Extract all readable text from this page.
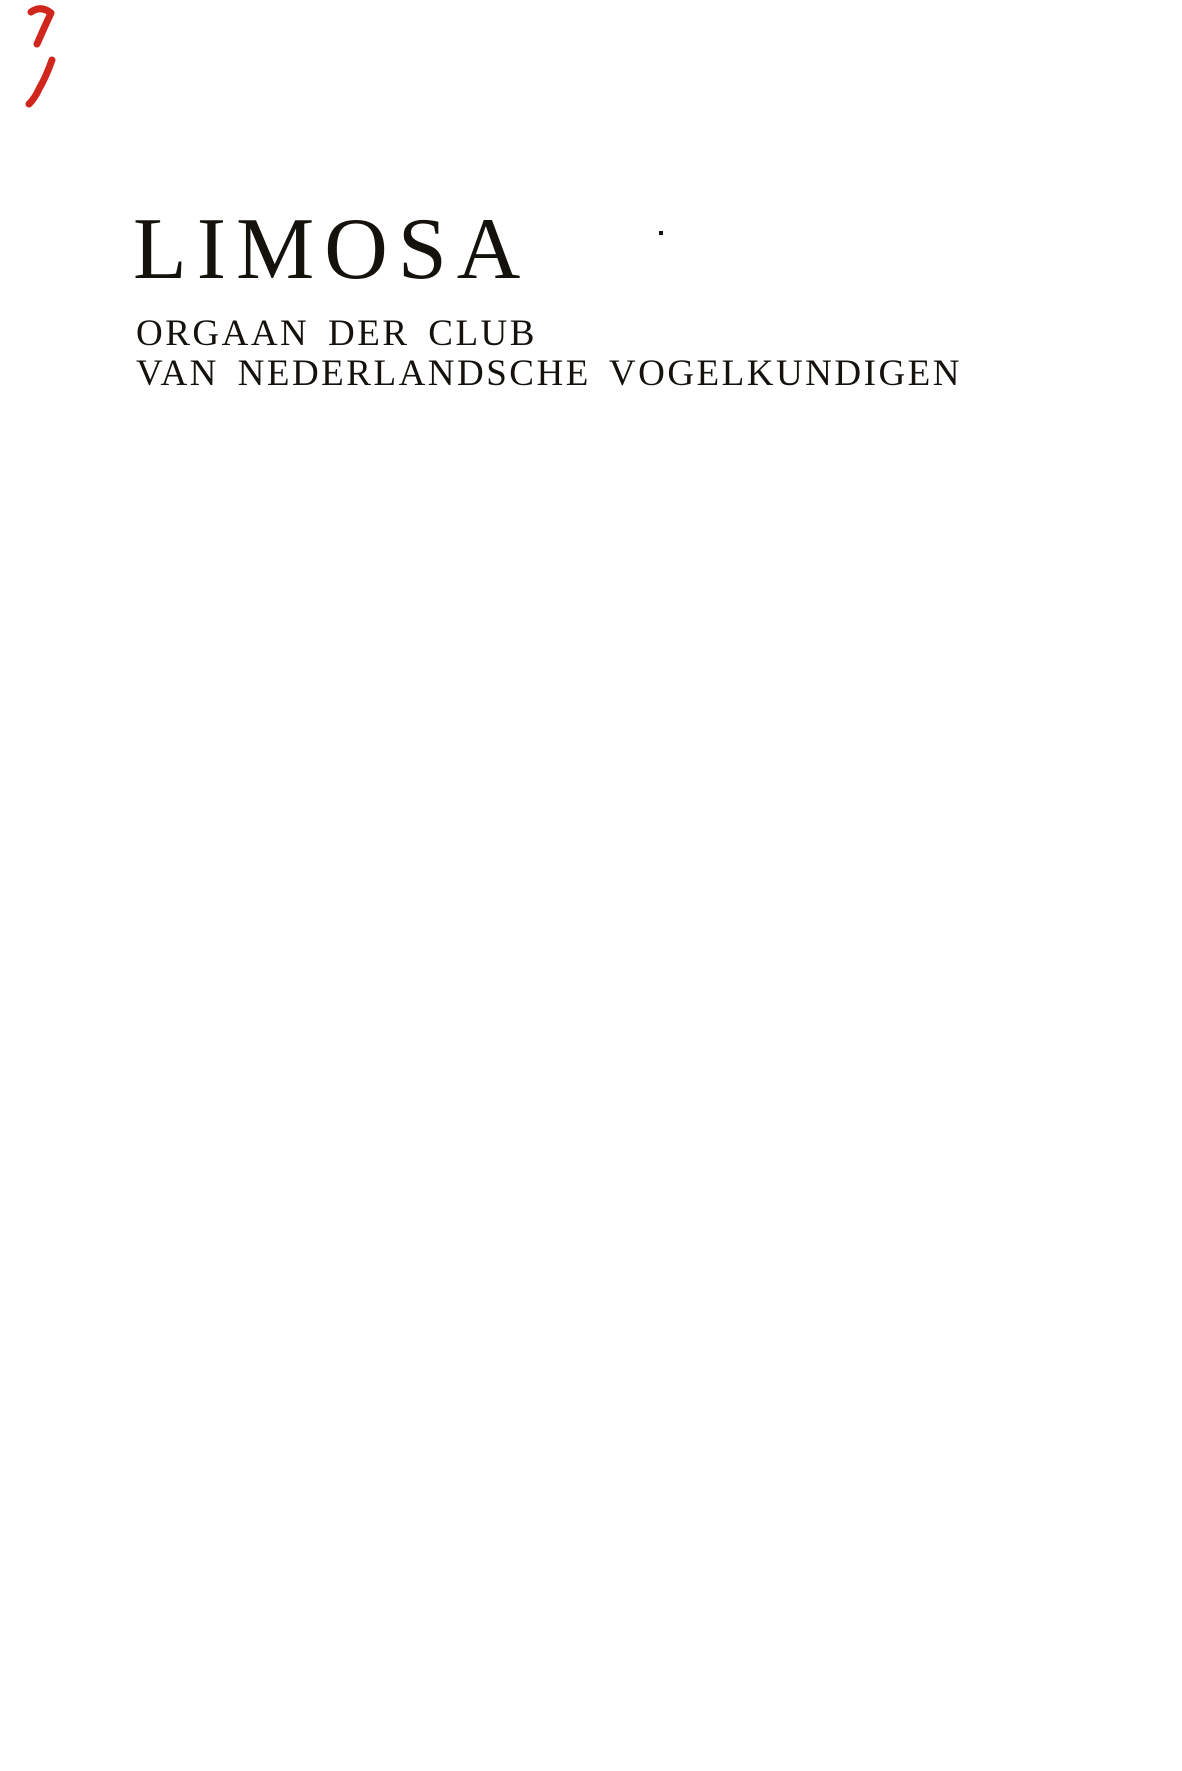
LIMOSA

ORGAAN DER CLUB
VAN NEDERLANDSCHE VOGELKUNDIGEN
